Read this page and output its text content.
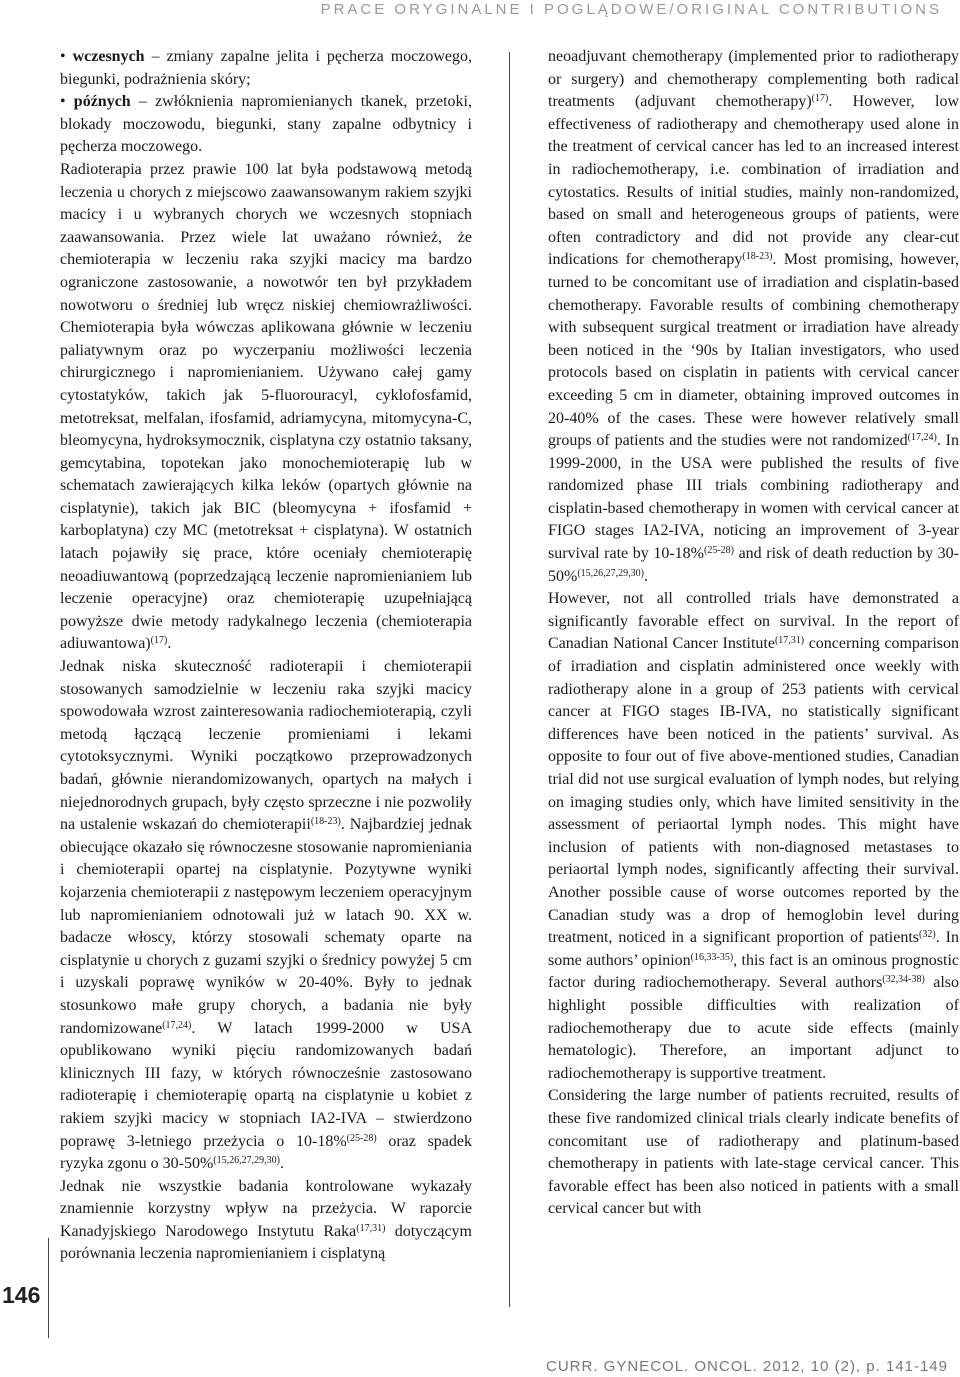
PRACE ORYGINALNE I POGLĄDOWE/ORIGINAL CONTRIBUTIONS
146
• wczesnych – zmiany zapalne jelita i pęcherza moczowego, biegunki, podrażnienia skóry;
• późnych – zwłóknienia napromienianych tkanek, przetoki, blokady moczowodu, biegunki, stany zapalne odbytnicy i pęcherza moczowego.

Radioterapia przez prawie 100 lat była podstawową metodą leczenia u chorych z miejscowo zaawansowanym rakiem szyjki macicy i u wybranych chorych we wczesnych stopniach zaawansowania. Przez wiele lat uważano również, że chemioterapia w leczeniu raka szyjki macicy ma bardzo ograniczone zastosowanie, a nowotwór ten był przykładem nowotworu o średniej lub wręcz niskiej chemiowrażliwości. Chemioterapia była wówczas aplikowana głównie w leczeniu paliatywnym oraz po wyczerpaniu możliwości leczenia chirurgicznego i napromienianiem. Używano całej gamy cytostatyków, takich jak 5-fluorouracyl, cyklofosfamid, metotreksat, melfalan, ifosfamid, adriamycyna, mitomycyna-C, bleomycyna, hydroksymocznik, cisplatyna czy ostatnio taksany, gemcytabina, topotekan jako monochemioterapię lub w schematach zawierających kilka leków (opartych głównie na cisplatynie), takich jak BIC (bleomycyna + ifosfamid + karboplatyna) czy MC (metotreksat + cisplatyna). W ostatnich latach pojawiły się prace, które oceniały chemioterapię neoadiuwantową (poprzedzającą leczenie napromienianiem lub leczenie operacyjne) oraz chemioterapię uzupełniającą powyższe dwie metody radykalnego leczenia (chemioterapia adiuwantowa)$^{(17)}$.

Jednak niska skuteczność radioterapii i chemioterapii stosowanych samodzielnie w leczeniu raka szyjki macicy spowodowała wzrost zainteresowania radiochemioterapią, czyli metodą łączącą leczenie promieniami i lekami cytotoksycznymi. Wyniki początkowo przeprowadzonych badań, głównie nierandomizowanych, opartych na małych i niejednorodnych grupach, były często sprzeczne i nie pozwoliły na ustalenie wskazań do chemioterapii$^{(18-23)}$. Najbardziej jednak obiecujące okazało się równoczesne stosowanie napromieniania i chemioterapii opartej na cisplatynie. Pozytywne wyniki kojarzenia chemioterapii z następowym leczeniem operacyjnym lub napromienianiem odnotowali już w latach 90. XX w. badacze włoscy, którzy stosowali schematy oparte na cisplatynie u chorych z guzami szyjki o średnicy powyżej 5 cm i uzyskali poprawę wyników w 20-40%. Były to jednak stosunkowo małe grupy chorych, a badania nie były randomizowane$^{(17,24)}$. W latach 1999-2000 w USA opublikowano wyniki pięciu randomizowanych badań klinicznych III fazy, w których równocześnie zastosowano radioterapię i chemioterapię opartą na cisplatynie u kobiet z rakiem szyjki macicy w stopniach IA2-IVA – stwierdzono poprawę 3-letniego przeżycia o 10-18%$^{(25-28)}$ oraz spadek ryzyka zgonu o 30-50%$^{(15,26,27,29,30)}$.

Jednak nie wszystkie badania kontrolowane wykazały znamiennie korzystny wpływ na przeżycia. W raporcie Kanadyjskiego Narodowego Instytutu Raka$^{(17,31)}$ dotyczącym porównania leczenia napromienianiem i cisplatyną

neoadjuvant chemotherapy (implemented prior to radiotherapy or surgery) and chemotherapy complementing both radical treatments (adjuvant chemotherapy)$^{(17)}$. However, low effectiveness of radiotherapy and chemotherapy used alone in the treatment of cervical cancer has led to an increased interest in radiochemotherapy, i.e. combination of irradiation and cytostatics. Results of initial studies, mainly non-randomized, based on small and heterogeneous groups of patients, were often contradictory and did not provide any clear-cut indications for chemotherapy$^{(18-23)}$. Most promising, however, turned to be concomitant use of irradiation and cisplatin-based chemotherapy. Favorable results of combining chemotherapy with subsequent surgical treatment or irradiation have already been noticed in the ‘90s by Italian investigators, who used protocols based on cisplatin in patients with cervical cancer exceeding 5 cm in diameter, obtaining improved outcomes in 20-40% of the cases. These were however relatively small groups of patients and the studies were not randomized$^{(17,24)}$. In 1999-2000, in the USA were published the results of five randomized phase III trials combining radiotherapy and cisplatin-based chemotherapy in women with cervical cancer at FIGO stages IA2-IVA, noticing an improvement of 3-year survival rate by 10-18%$^{(25-28)}$ and risk of death reduction by 30-50%$^{(15,26,27,29,30)}$.

However, not all controlled trials have demonstrated a significantly favorable effect on survival. In the report of Canadian National Cancer Institute$^{(17,31)}$ concerning comparison of irradiation and cisplatin administered once weekly with radiotherapy alone in a group of 253 patients with cervical cancer at FIGO stages IB-IVA, no statistically significant differences have been noticed in the patients’ survival. As opposite to four out of five above-mentioned studies, Canadian trial did not use surgical evaluation of lymph nodes, but relying on imaging studies only, which have limited sensitivity in the assessment of periaortal lymph nodes. This might have inclusion of patients with non-diagnosed metastases to periaortal lymph nodes, significantly affecting their survival. Another possible cause of worse outcomes reported by the Canadian study was a drop of hemoglobin level during treatment, noticed in a significant proportion of patients$^{(32)}$. In some authors’ opinion$^{(16,33-35)}$, this fact is an ominous prognostic factor during radiochemotherapy. Several authors$^{(32,34-38)}$ also highlight possible difficulties with realization of radiochemotherapy due to acute side effects (mainly hematologic). Therefore, an important adjunct to radiochemotherapy is supportive treatment.

Considering the large number of patients recruited, results of these five randomized clinical trials clearly indicate benefits of concomitant use of radiotherapy and platinum-based chemotherapy in patients with late-stage cervical cancer. This favorable effect has been also noticed in patients with a small cervical cancer but with

CURR. GYNECOL. ONCOL. 2012, 10 (2), p. 141-149
